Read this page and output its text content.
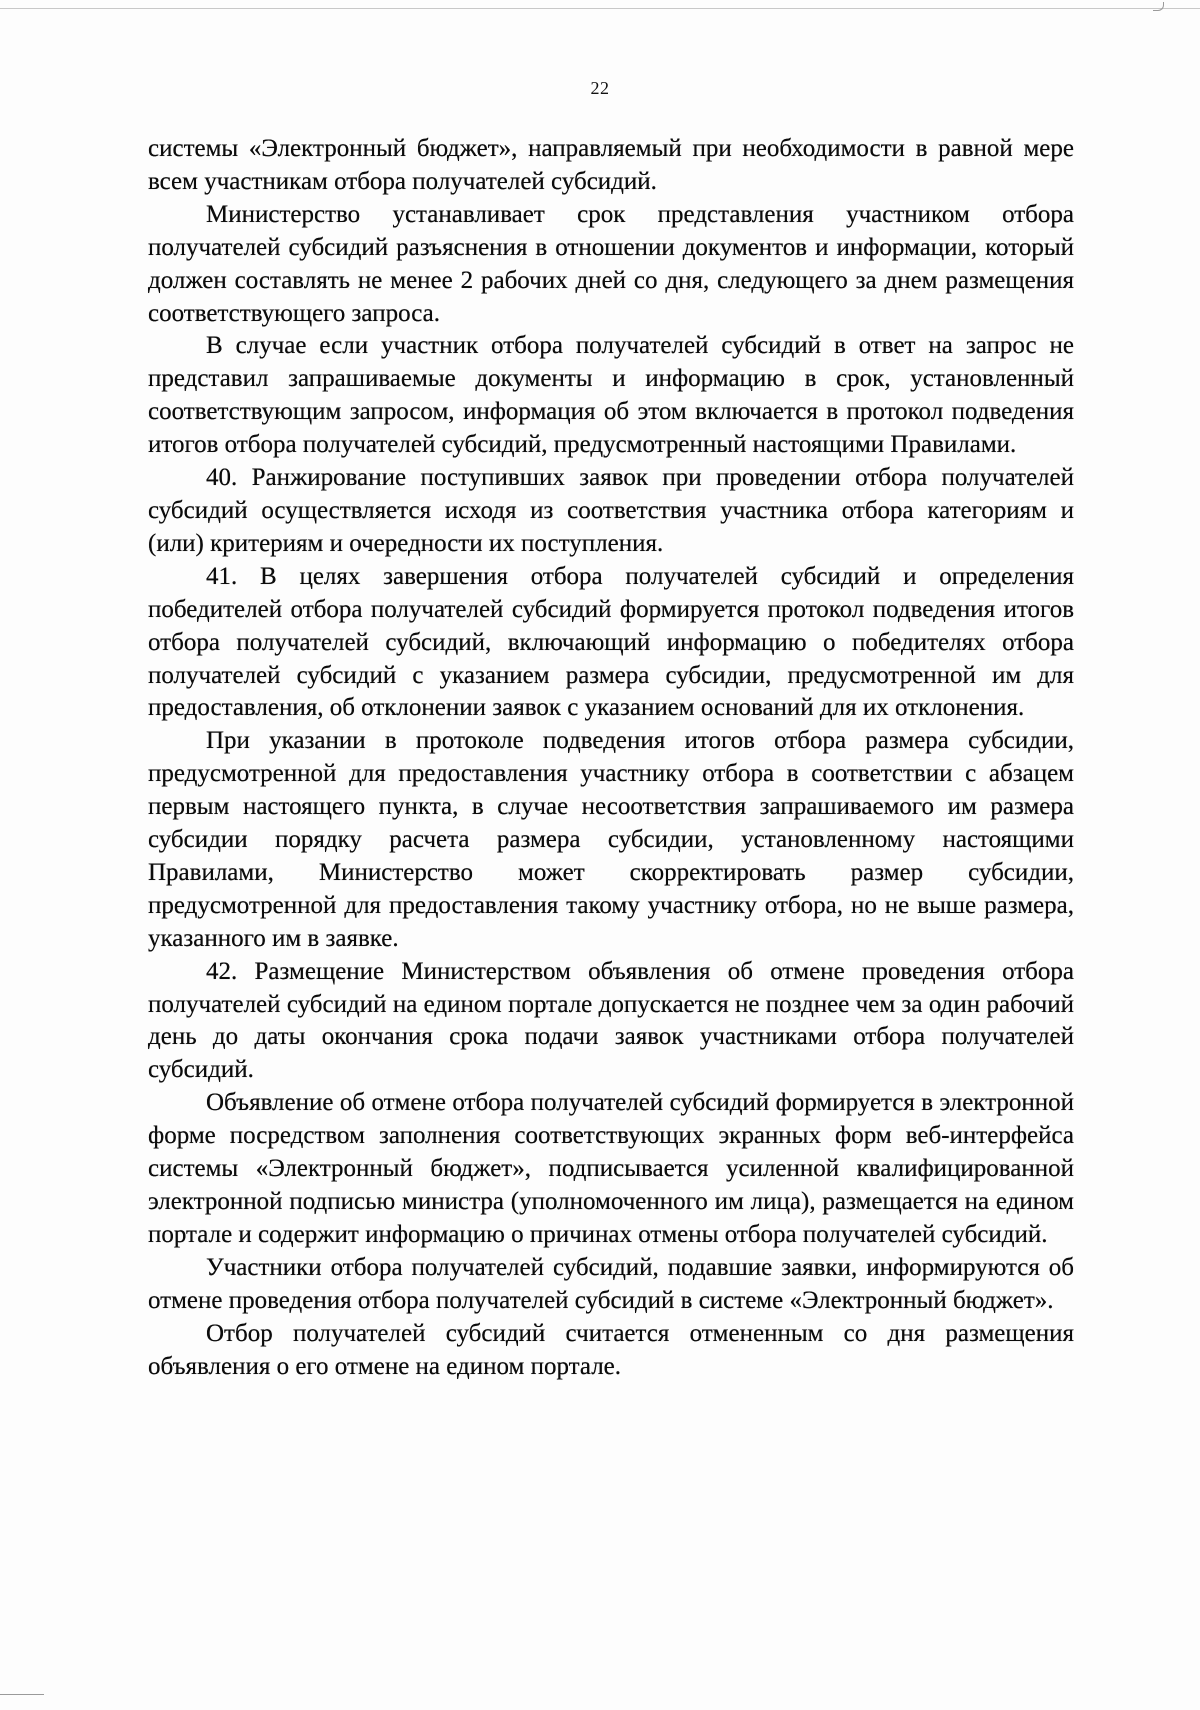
22

системы «Электронный бюджет», направляемый при необходимости в равной мере всем участникам отбора получателей субсидий.

Министерство устанавливает срок представления участником отбора получателей субсидий разъяснения в отношении документов и информации, который должен составлять не менее 2 рабочих дней со дня, следующего за днем размещения соответствующего запроса.

В случае если участник отбора получателей субсидий в ответ на запрос не представил запрашиваемые документы и информацию в срок, установленный соответствующим запросом, информация об этом включается в протокол подведения итогов отбора получателей субсидий, предусмотренный настоящими Правилами.

40. Ранжирование поступивших заявок при проведении отбора получателей субсидий осуществляется исходя из соответствия участника отбора категориям и (или) критериям и очередности их поступления.

41. В целях завершения отбора получателей субсидий и определения победителей отбора получателей субсидий формируется протокол подведения итогов отбора получателей субсидий, включающий информацию о победителях отбора получателей субсидий с указанием размера субсидии, предусмотренной им для предоставления, об отклонении заявок с указанием оснований для их отклонения.

При указании в протоколе подведения итогов отбора размера субсидии, предусмотренной для предоставления участнику отбора в соответствии с абзацем первым настоящего пункта, в случае несоответствия запрашиваемого им размера субсидии порядку расчета размера субсидии, установленному настоящими Правилами, Министерство может скорректировать размер субсидии, предусмотренной для предоставления такому участнику отбора, но не выше размера, указанного им в заявке.

42. Размещение Министерством объявления об отмене проведения отбора получателей субсидий на едином портале допускается не позднее чем за один рабочий день до даты окончания срока подачи заявок участниками отбора получателей субсидий.

Объявление об отмене отбора получателей субсидий формируется в электронной форме посредством заполнения соответствующих экранных форм веб-интерфейса системы «Электронный бюджет», подписывается усиленной квалифицированной электронной подписью министра (уполномоченного им лица), размещается на едином портале и содержит информацию о причинах отмены отбора получателей субсидий.

Участники отбора получателей субсидий, подавшие заявки, информируются об отмене проведения отбора получателей субсидий в системе «Электронный бюджет».

Отбор получателей субсидий считается отмененным со дня размещения объявления о его отмене на едином портале.
